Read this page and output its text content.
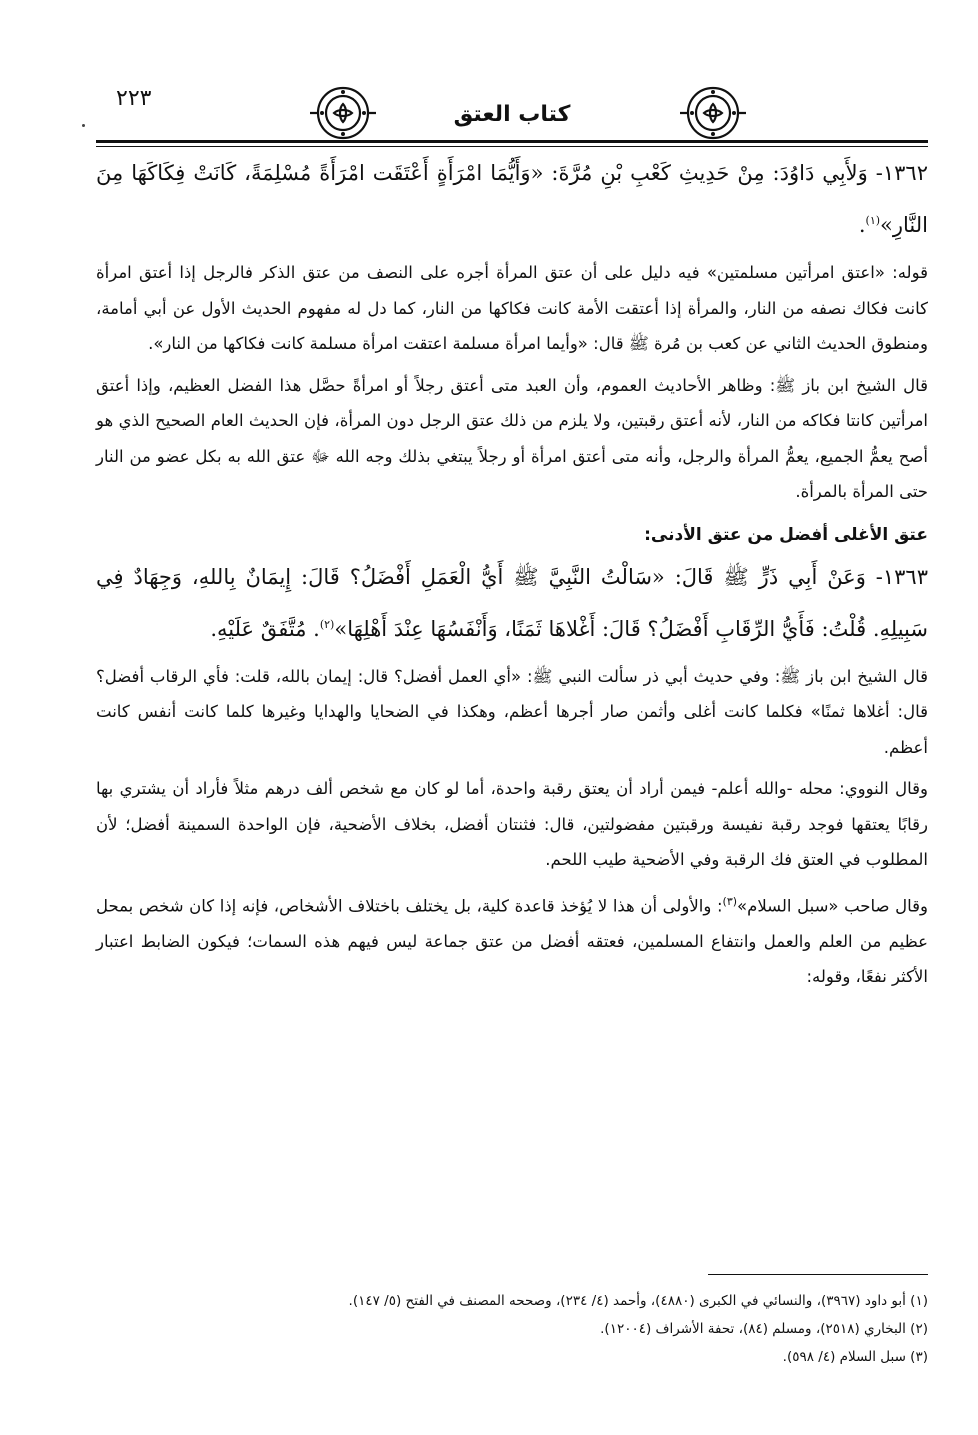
٢٢٣
كتاب العتق

١٣٦٢- وَلأَبِي دَاوُدَ: مِنْ حَدِيثِ كَعْبِ بْنِ مُرَّةَ: «وَأَيُّمَا امْرَأَةٍ أَعْتَقَت امْرَأَةً مُسْلِمَةً، كَانَتْ فِكَاكَهَا مِنَ النَّارِ»$^{(١)}$.

قوله: «اعتق امرأتين مسلمتين» فيه دليل على أن عتق المرأة أجره على النصف من عتق الذكر فالرجل إذا أعتق امرأة كانت فكاك نصفه من النار، والمرأة إذا أعتقت الأمة كانت فكاكها من النار، كما دل له مفهوم الحديث الأول عن أبي أمامة، ومنطوق الحديث الثاني عن كعب بن مُرة ﷺ قال: «وأيما امرأة مسلمة اعتقت امرأة مسلمة كانت فكاكها من النار».

قال الشيخ ابن باز ﷺ: وظاهر الأحاديث العموم، وأن العبد متى أعتق رجلاً أو امرأةً حصَّل هذا الفضل العظيم، وإذا أعتق امرأتين كانتا فكاكه من النار، لأنه أعتق رقبتين، ولا يلزم من ذلك عتق الرجل دون المرأة، فإن الحديث العام الصحيح الذي هو أصح يعمُّ الجميع، يعمُّ المرأة والرجل، وأنه متى أعتق امرأة أو رجلاً يبتغي بذلك وجه الله ﷻ عتق الله به بكل عضو من النار حتى المرأة بالمرأة.

عتق الأغلى أفضل من عتق الأدنى:

١٣٦٣- وَعَنْ أَبِي ذَرٍّ ﷺ قَالَ: «سَالْتُ النَّبِيَّ ﷺ أَيُّ الْعَمَلِ أَفْضَلُ؟ قَالَ: إِيمَانٌ بِاللهِ، وَجِهَادٌ فِي سَبِيلِهِ. قُلْتُ: فَأَيُّ الرِّقَابِ أَفْضَلُ؟ قَالَ: أَغْلاهَا ثَمَنًا، وَأَنْفَسُهَا عِنْدَ أَهْلِهَا»$^{(٢)}$. مُتَّفَقٌ عَلَيْهِ.

قال الشيخ ابن باز ﷺ: وفي حديث أبي ذر سألت النبي ﷺ: «أي العمل أفضل؟ قال: إيمان بالله، قلت: فأي الرقاب أفضل؟ قال: أغلاها ثمنًا» فكلما كانت أغلى وأثمن صار أجرها أعظم، وهكذا في الضحايا والهدايا وغيرها كلما كانت أنفس كانت أعظم.

وقال النووي: محله -والله أعلم- فيمن أراد أن يعتق رقبة واحدة، أما لو كان مع شخص ألف درهم مثلاً فأراد أن يشتري بها رقابًا يعتقها فوجد رقبة نفيسة ورقبتين مفضولتين، قال: فثنتان أفضل، بخلاف الأضحية، فإن الواحدة السمينة أفضل؛ لأن المطلوب في العتق فك الرقبة وفي الأضحية طيب اللحم.

وقال صاحب «سبل السلام»$^{(٣)}$: والأولى أن هذا لا يُؤخذ قاعدة كلية، بل يختلف باختلاف الأشخاص، فإنه إذا كان شخص بمحل عظيم من العلم والعمل وانتفاع المسلمين، فعتقه أفضل من عتق جماعة ليس فيهم هذه السمات؛ فيكون الضابط اعتبار الأكثر نفعًا، وقوله:

(١) أبو داود (٣٩٦٧)، والنسائي في الكبرى (٤٨٨٠)، وأحمد (٤/ ٢٣٤)، وصححه المصنف في الفتح (٥/ ١٤٧).

(٢) البخاري (٢٥١٨)، ومسلم (٨٤)، تحفة الأشراف (١٢٠٠٤).

(٣) سبل السلام (٤/ ٥٩٨).
